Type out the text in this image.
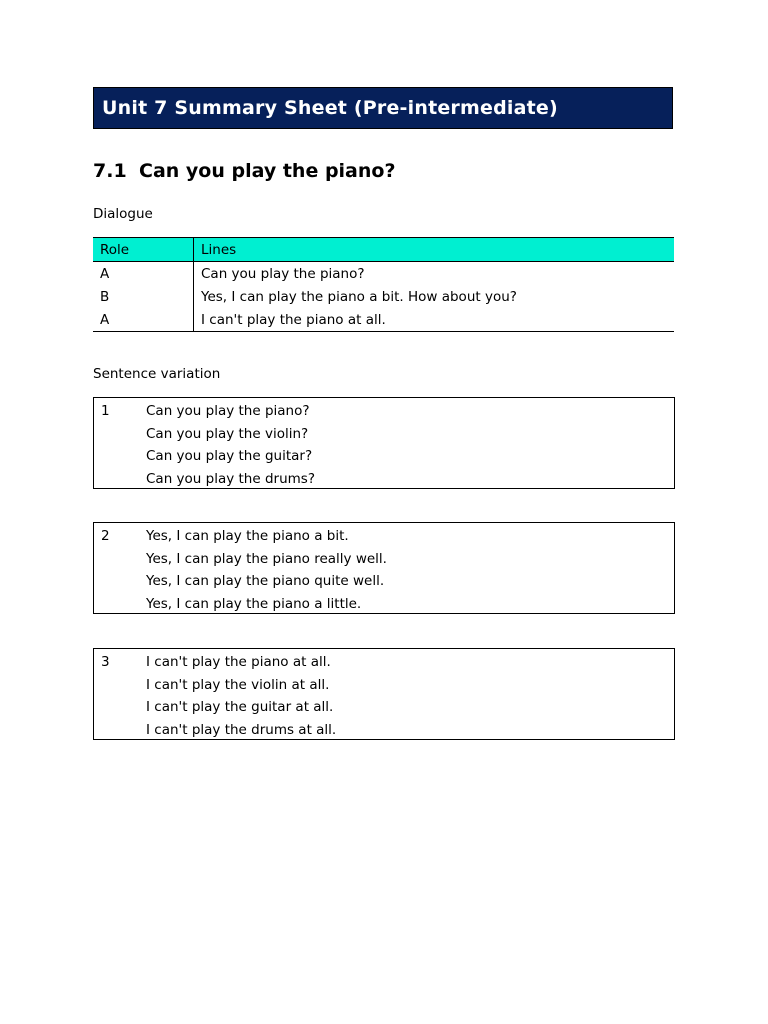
Unit 7 Summary Sheet (Pre-intermediate)
7.1 Can you play the piano?
Dialogue
Role	Lines
A	Can you play the piano?
B	Yes, I can play the piano a bit. How about you?
A	I can't play the piano at all.
Sentence variation
1	Can you play the piano?
Can you play the violin?
Can you play the guitar?
Can you play the drums?
2	Yes, I can play the piano a bit.
Yes, I can play the piano really well.
Yes, I can play the piano quite well.
Yes, I can play the piano a little.
3	I can't play the piano at all.
I can't play the violin at all.
I can't play the guitar at all.
I can't play the drums at all.
